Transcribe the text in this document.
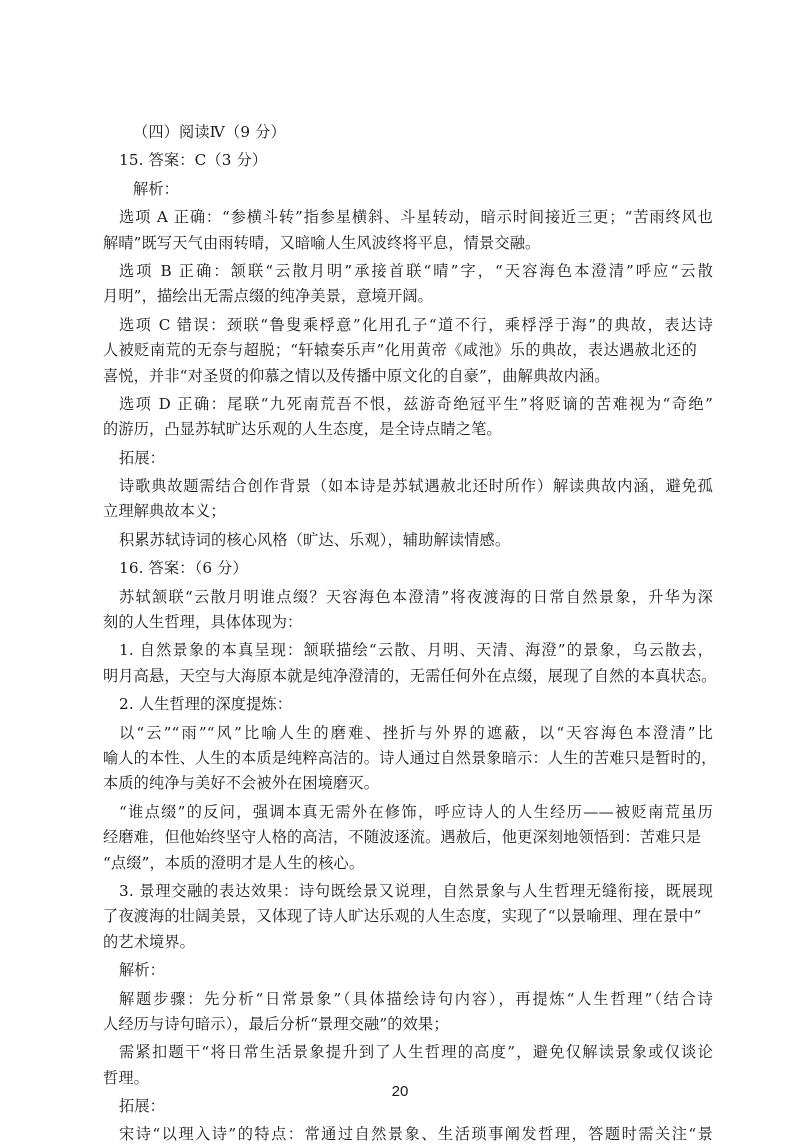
（四）阅读Ⅳ（9 分）
15. 答案：C（3 分）
解析：
选项 A 正确：“参横斗转”指参星横斜、斗星转动，暗示时间接近三更；“苦雨终风也
解晴”既写天气由雨转晴，又暗喻人生风波终将平息，情景交融。
选项 B 正确：颔联“云散月明”承接首联“晴”字，“天容海色本澄清”呼应“云散
月明”，描绘出无需点缀的纯净美景，意境开阔。
选项 C 错误：颈联“鲁叟乘桴意”化用孔子“道不行，乘桴浮于海”的典故，表达诗
人被贬南荒的无奈与超脱；“轩辕奏乐声”化用黄帝《咸池》乐的典故，表达遇赦北还的
喜悦，并非“对圣贤的仰慕之情以及传播中原文化的自豪”，曲解典故内涵。
选项 D 正确：尾联“九死南荒吾不恨，兹游奇绝冠平生”将贬谪的苦难视为“奇绝”
的游历，凸显苏轼旷达乐观的人生态度，是全诗点睛之笔。
拓展：
诗歌典故题需结合创作背景（如本诗是苏轼遇赦北还时所作）解读典故内涵，避免孤
立理解典故本义；
积累苏轼诗词的核心风格（旷达、乐观），辅助解读情感。
16. 答案：（6 分）
苏轼颔联“云散月明谁点缀？天容海色本澄清”将夜渡海的日常自然景象，升华为深
刻的人生哲理，具体体现为：
1. 自然景象的本真呈现：颔联描绘“云散、月明、天清、海澄”的景象，乌云散去，
明月高悬，天空与大海原本就是纯净澄清的，无需任何外在点缀，展现了自然的本真状态。
2. 人生哲理的深度提炼：
以“云”“雨”“风”比喻人生的磨难、挫折与外界的遮蔽，以“天容海色本澄清”比
喻人的本性、人生的本质是纯粹高洁的。诗人通过自然景象暗示：人生的苦难只是暂时的，
本质的纯净与美好不会被外在困境磨灭。
“谁点缀”的反问，强调本真无需外在修饰，呼应诗人的人生经历——被贬南荒虽历
经磨难，但他始终坚守人格的高洁，不随波逐流。遇赦后，他更深刻地领悟到：苦难只是
“点缀”，本质的澄明才是人生的核心。
3. 景理交融的表达效果：诗句既绘景又说理，自然景象与人生哲理无缝衔接，既展现
了夜渡海的壮阔美景，又体现了诗人旷达乐观的人生态度，实现了“以景喻理、理在景中”
的艺术境界。
解析：
解题步骤：先分析“日常景象”（具体描绘诗句内容），再提炼“人生哲理”（结合诗
人经历与诗句暗示），最后分析“景理交融”的效果；
需紧扣题干“将日常生活景象提升到了人生哲理的高度”，避免仅解读景象或仅谈论
哲理。
拓展：
宋诗“以理入诗”的特点：常通过自然景象、生活琐事阐发哲理，答题时需关注“景
20
